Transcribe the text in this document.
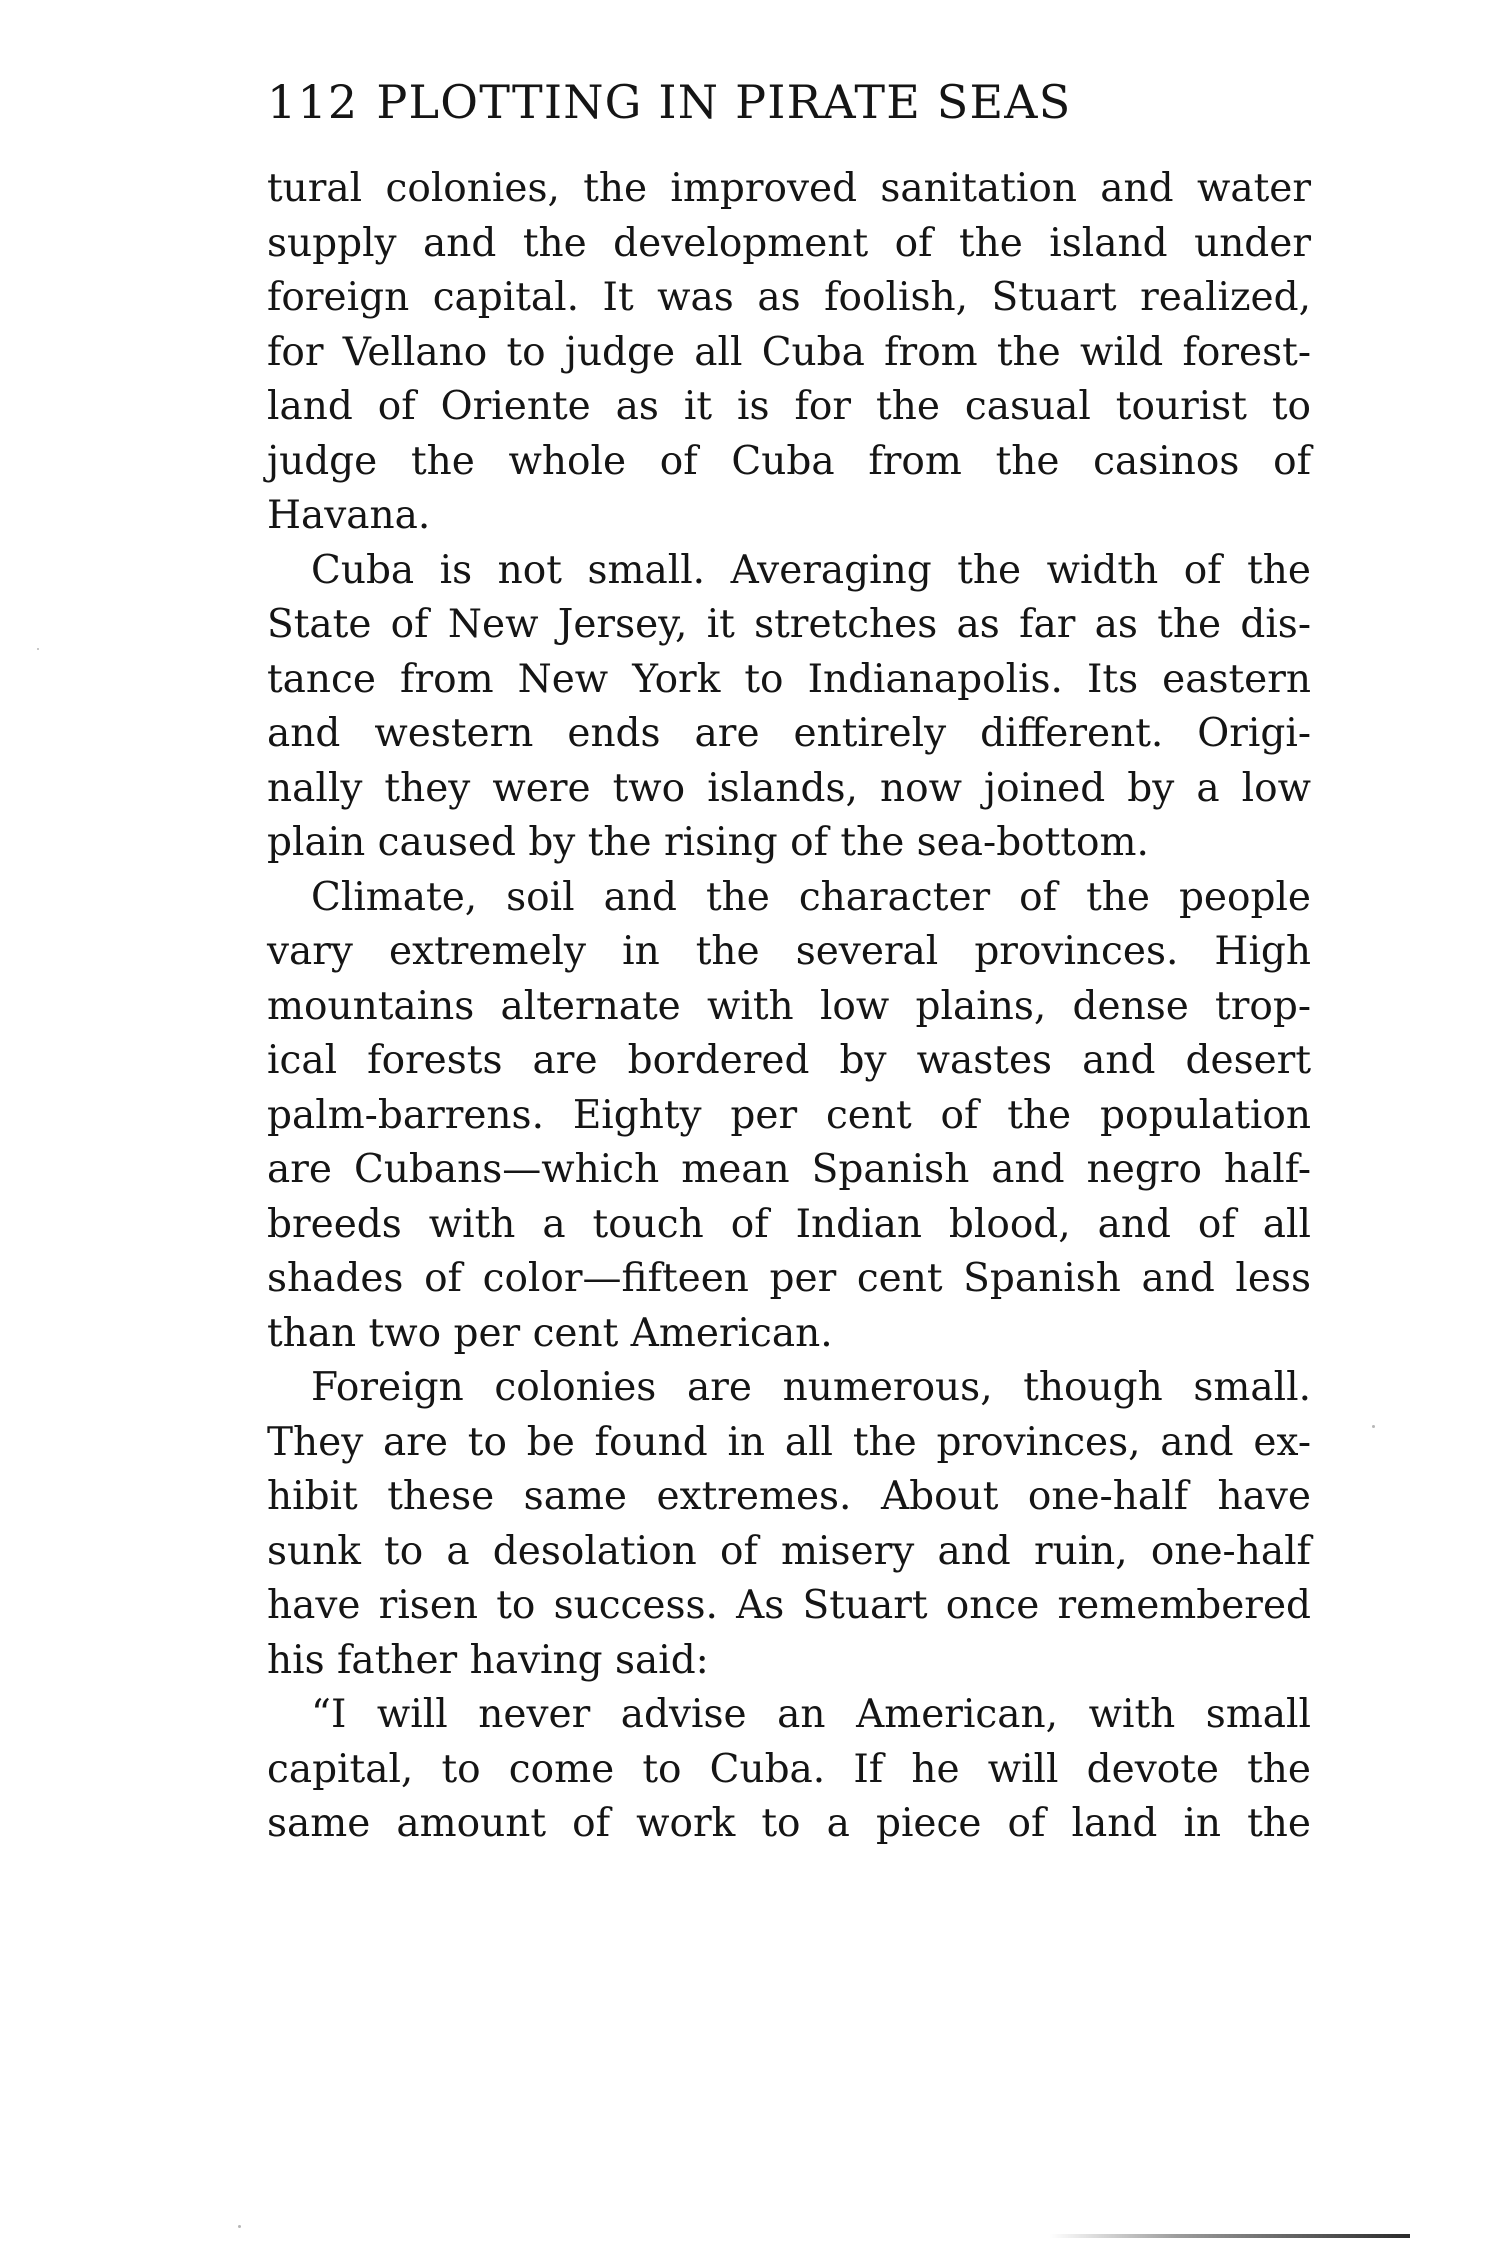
112 PLOTTING IN PIRATE SEAS
tural colonies, the improved sanitation and water
supply and the development of the island under
foreign capital. It was as foolish, Stuart realized,
for Vellano to judge all Cuba from the wild forest-
land of Oriente as it is for the casual tourist to
judge the whole of Cuba from the casinos of
Havana.
Cuba is not small. Averaging the width of the
State of New Jersey, it stretches as far as the dis-
tance from New York to Indianapolis. Its eastern
and western ends are entirely different. Origi-
nally they were two islands, now joined by a low
plain caused by the rising of the sea-bottom.
Climate, soil and the character of the people
vary extremely in the several provinces. High
mountains alternate with low plains, dense trop-
ical forests are bordered by wastes and desert
palm-barrens. Eighty per cent of the population
are Cubans—which mean Spanish and negro half-
breeds with a touch of Indian blood, and of all
shades of color—fifteen per cent Spanish and less
than two per cent American.
Foreign colonies are numerous, though small.
They are to be found in all the provinces, and ex-
hibit these same extremes. About one-half have
sunk to a desolation of misery and ruin, one-half
have risen to success. As Stuart once remembered
his father having said:
“I will never advise an American, with small
capital, to come to Cuba. If he will devote the
same amount of work to a piece of land in the
